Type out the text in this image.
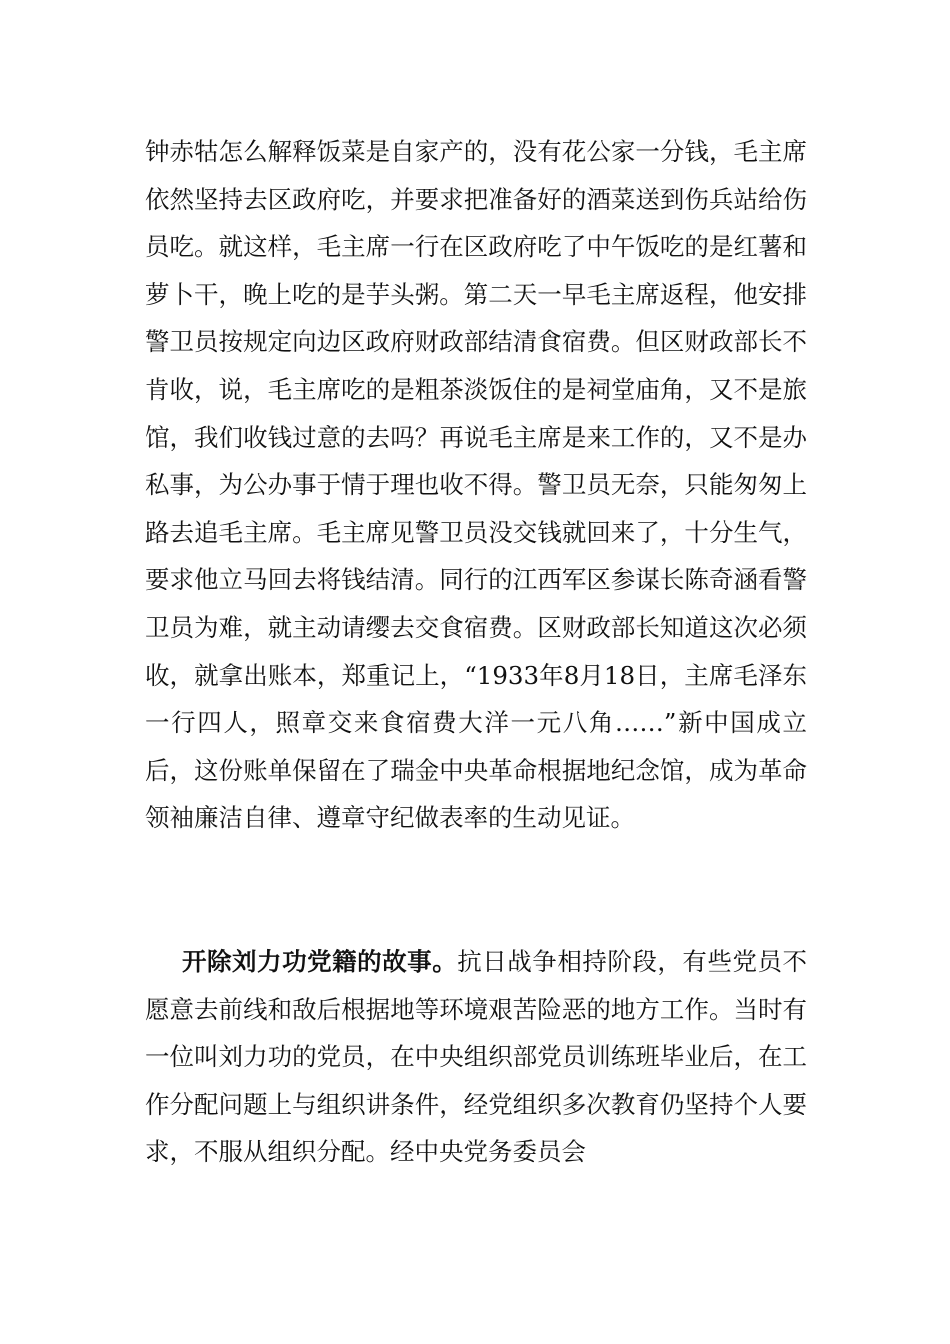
钟赤牯怎么解释饭菜是自家产的，没有花公家一分钱，毛主席依然坚持去区政府吃，并要求把准备好的酒菜送到伤兵站给伤员吃。就这样，毛主席一行在区政府吃了中午饭吃的是红薯和萝卜干，晚上吃的是芋头粥。第二天一早毛主席返程，他安排警卫员按规定向边区政府财政部结清食宿费。但区财政部长不肯收，说，毛主席吃的是粗茶淡饭住的是祠堂庙角，又不是旅馆，我们收钱过意的去吗？再说毛主席是来工作的，又不是办私事，为公办事于情于理也收不得。警卫员无奈，只能匆匆上路去追毛主席。毛主席见警卫员没交钱就回来了，十分生气，要求他立马回去将钱结清。同行的江西军区参谋长陈奇涵看警卫员为难，就主动请缨去交食宿费。区财政部长知道这次必须收，就拿出账本，郑重记上，“1933年8月18日，主席毛泽东一行四人，照章交来食宿费大洋一元八角……”新中国成立后，这份账单保留在了瑞金中央革命根据地纪念馆，成为革命领袖廉洁自律、遵章守纪做表率的生动见证。

开除刘力功党籍的故事。抗日战争相持阶段，有些党员不愿意去前线和敌后根据地等环境艰苦险恶的地方工作。当时有一位叫刘力功的党员，在中央组织部党员训练班毕业后，在工作分配问题上与组织讲条件，经党组织多次教育仍坚持个人要求，不服从组织分配。经中央党务委员会
